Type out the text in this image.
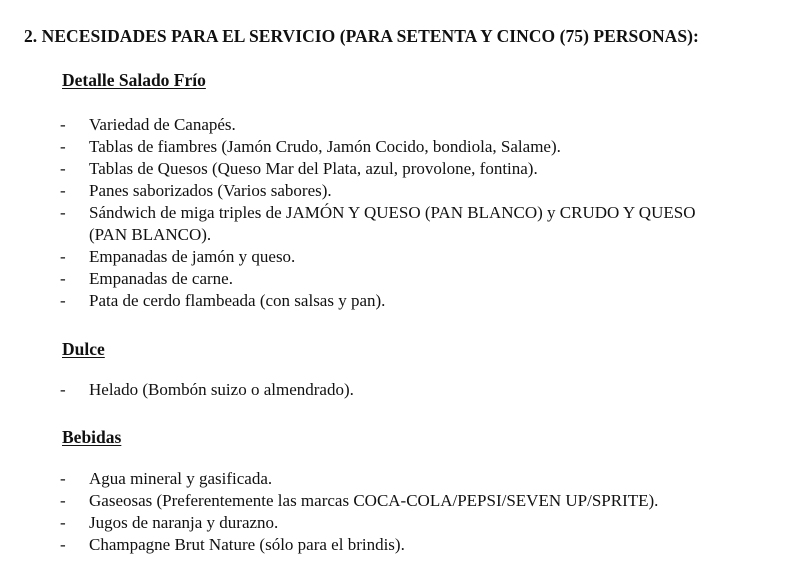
2. NECESIDADES PARA EL SERVICIO (PARA SETENTA Y CINCO (75) PERSONAS):
Detalle Salado Frío
- Variedad de Canapés.
- Tablas de fiambres (Jamón Crudo, Jamón Cocido, bondiola, Salame).
- Tablas de Quesos (Queso Mar del Plata, azul, provolone, fontina).
- Panes saborizados (Varios sabores).
- Sándwich de miga triples de JAMÓN Y QUESO (PAN BLANCO) y CRUDO Y QUESO
(PAN BLANCO).
- Empanadas de jamón y queso.
- Empanadas de carne.
- Pata de cerdo flambeada (con salsas y pan).
Dulce
- Helado (Bombón suizo o almendrado).
Bebidas
- Agua mineral y gasificada.
- Gaseosas (Preferentemente las marcas COCA-COLA/PEPSI/SEVEN UP/SPRITE).
- Jugos de naranja y durazno.
- Champagne Brut Nature (sólo para el brindis).
